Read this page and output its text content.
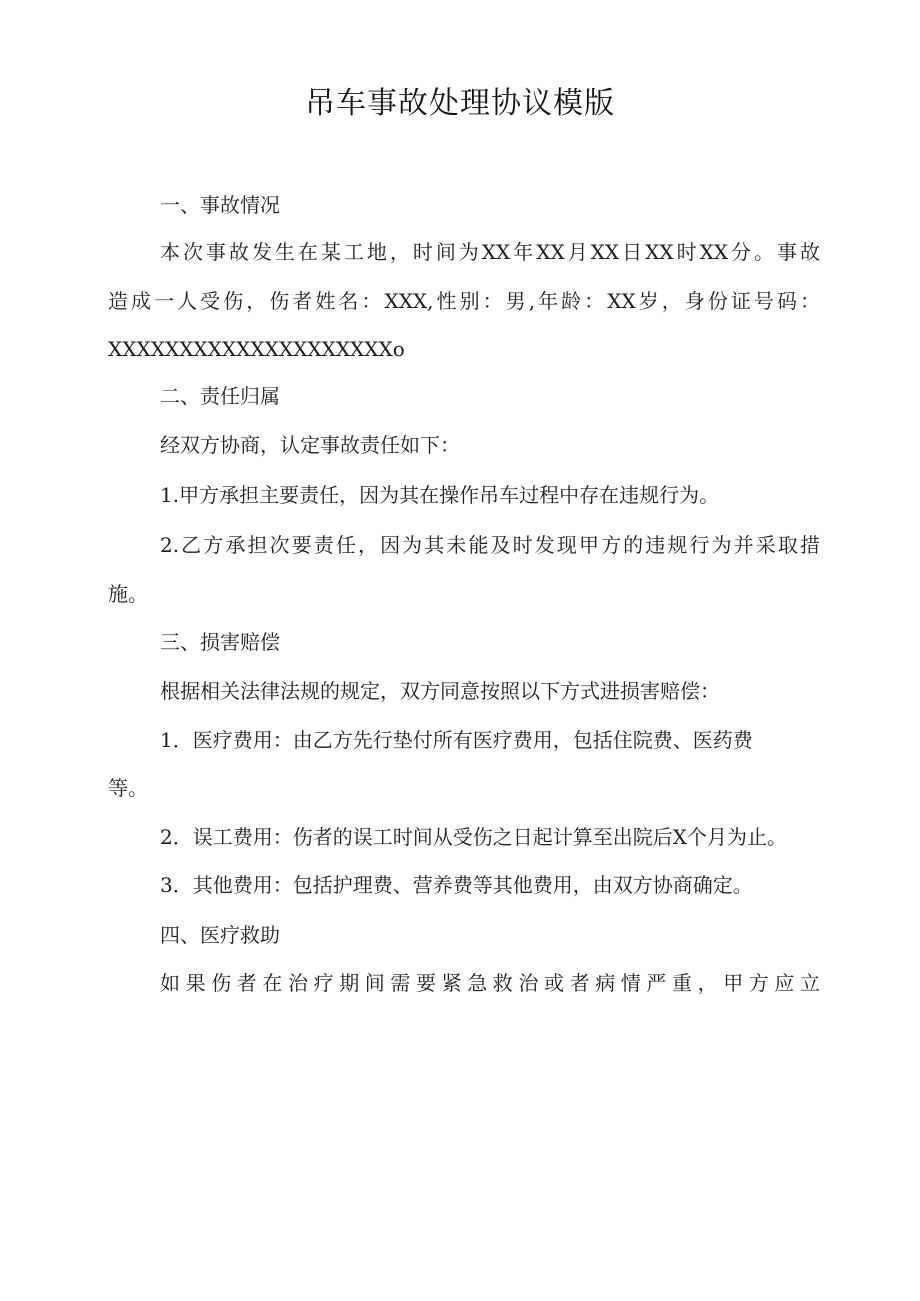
吊车事故处理协议模版
一、事故情况
本次事故发生在某工地，时间为XX年XX月XX日XX时XX分。事故
造成一人受伤，伤者姓名：XXX,性别：男,年龄：XX岁，身份证号码：
XXXXXXXXXXXXXXXXXXXXo
二、责任归属
经双方协商，认定事故责任如下：
1.甲方承担主要责任，因为其在操作吊车过程中存在违规行为。
2.乙方承担次要责任，因为其未能及时发现甲方的违规行为并采取措
施。
三、损害赔偿
根据相关法律法规的规定，双方同意按照以下方式进损害赔偿：
1．医疗费用：由乙方先行垫付所有医疗费用，包括住院费、医药费
等。
2．误工费用：伤者的误工时间从受伤之日起计算至出院后X个月为止。
3．其他费用：包括护理费、营养费等其他费用，由双方协商确定。
四、医疗救助
如果伤者在治疗期间需要紧急救治或者病情严重，甲方应立
